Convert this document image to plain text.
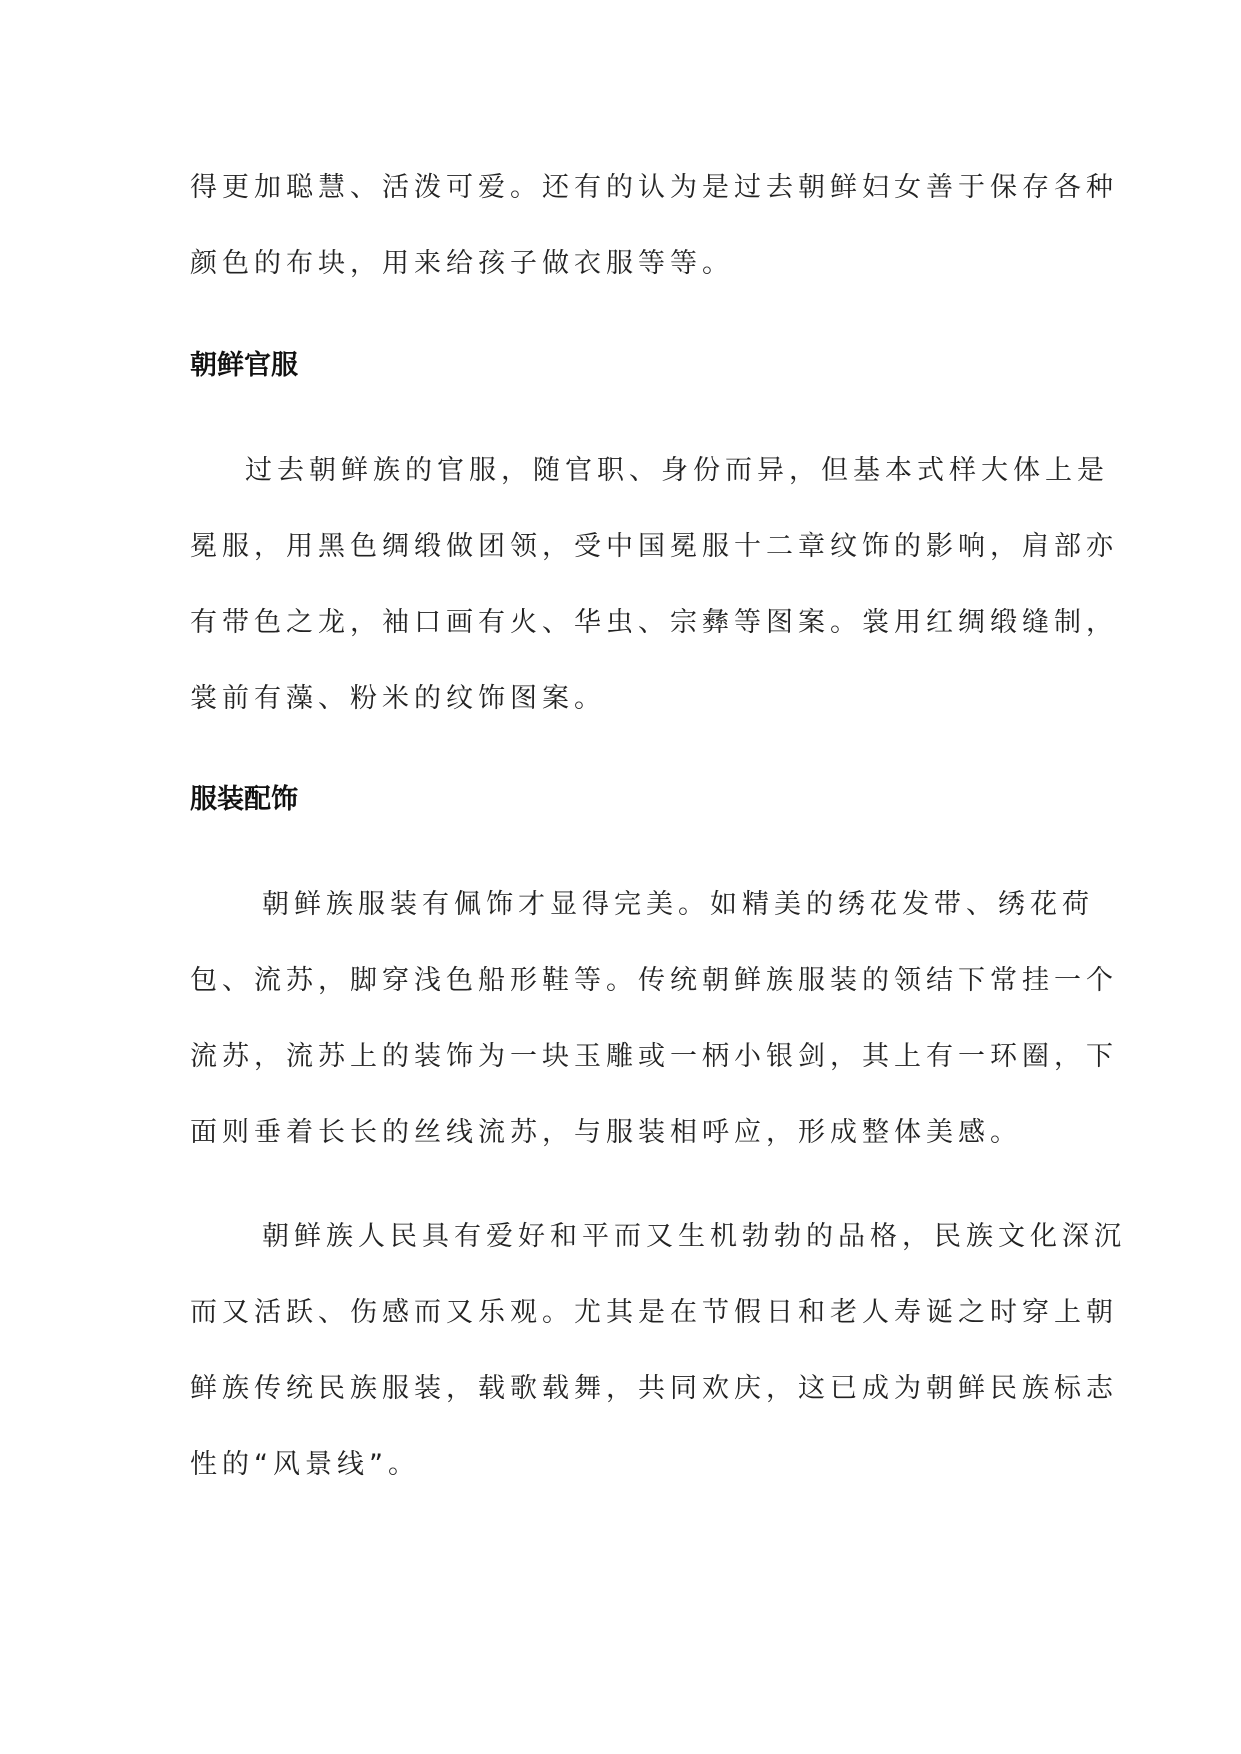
得更加聪慧、活泼可爱。还有的认为是过去朝鲜妇女善于保存各种
颜色的布块，用来给孩子做衣服等等。
朝鲜官服
过去朝鲜族的官服，随官职、身份而异，但基本式样大体上是
冕服，用黑色绸缎做团领，受中国冕服十二章纹饰的影响，肩部亦
有带色之龙，袖口画有火、华虫、宗彝等图案。裳用红绸缎缝制，
裳前有藻、粉米的纹饰图案。
服装配饰
朝鲜族服装有佩饰才显得完美。如精美的绣花发带、绣花荷
包、流苏，脚穿浅色船形鞋等。传统朝鲜族服装的领结下常挂一个
流苏，流苏上的装饰为一块玉雕或一柄小银剑，其上有一环圈，下
面则垂着长长的丝线流苏，与服装相呼应，形成整体美感。
朝鲜族人民具有爱好和平而又生机勃勃的品格，民族文化深沉
而又活跃、伤感而又乐观。尤其是在节假日和老人寿诞之时穿上朝
鲜族传统民族服装，载歌载舞，共同欢庆，这已成为朝鲜民族标志
性的“风景线”。
